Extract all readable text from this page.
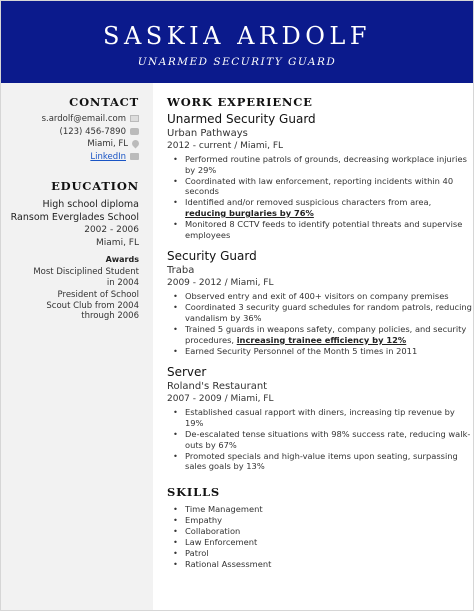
SASKIA ARDOLF
UNARMED SECURITY GUARD
CONTACT
s.ardolf@email.com
(123) 456-7890
Miami, FL
LinkedIn
EDUCATION
High school diploma
Ransom Everglades School
2002 - 2006
Miami, FL
Awards
Most Disciplined Student in 2004
President of School Scout Club from 2004 through 2006
WORK EXPERIENCE
Unarmed Security Guard
Urban Pathways
2012 - current / Miami, FL
• Performed routine patrols of grounds, decreasing workplace injuries by 29%
• Coordinated with law enforcement, reporting incidents within 40 seconds
• Identified and/or removed suspicious characters from area, reducing burglaries by 76%
• Monitored 8 CCTV feeds to identify potential threats and supervise employees
Security Guard
Traba
2009 - 2012 / Miami, FL
• Observed entry and exit of 400+ visitors on company premises
• Coordinated 3 security guard schedules for random patrols, reducing vandalism by 36%
• Trained 5 guards in weapons safety, company policies, and security procedures, increasing trainee efficiency by 12%
• Earned Security Personnel of the Month 5 times in 2011
Server
Roland's Restaurant
2007 - 2009 / Miami, FL
• Established casual rapport with diners, increasing tip revenue by 19%
• De-escalated tense situations with 98% success rate, reducing walk-outs by 67%
• Promoted specials and high-value items upon seating, surpassing sales goals by 13%
SKILLS
• Time Management
• Empathy
• Collaboration
• Law Enforcement
• Patrol
• Rational Assessment
